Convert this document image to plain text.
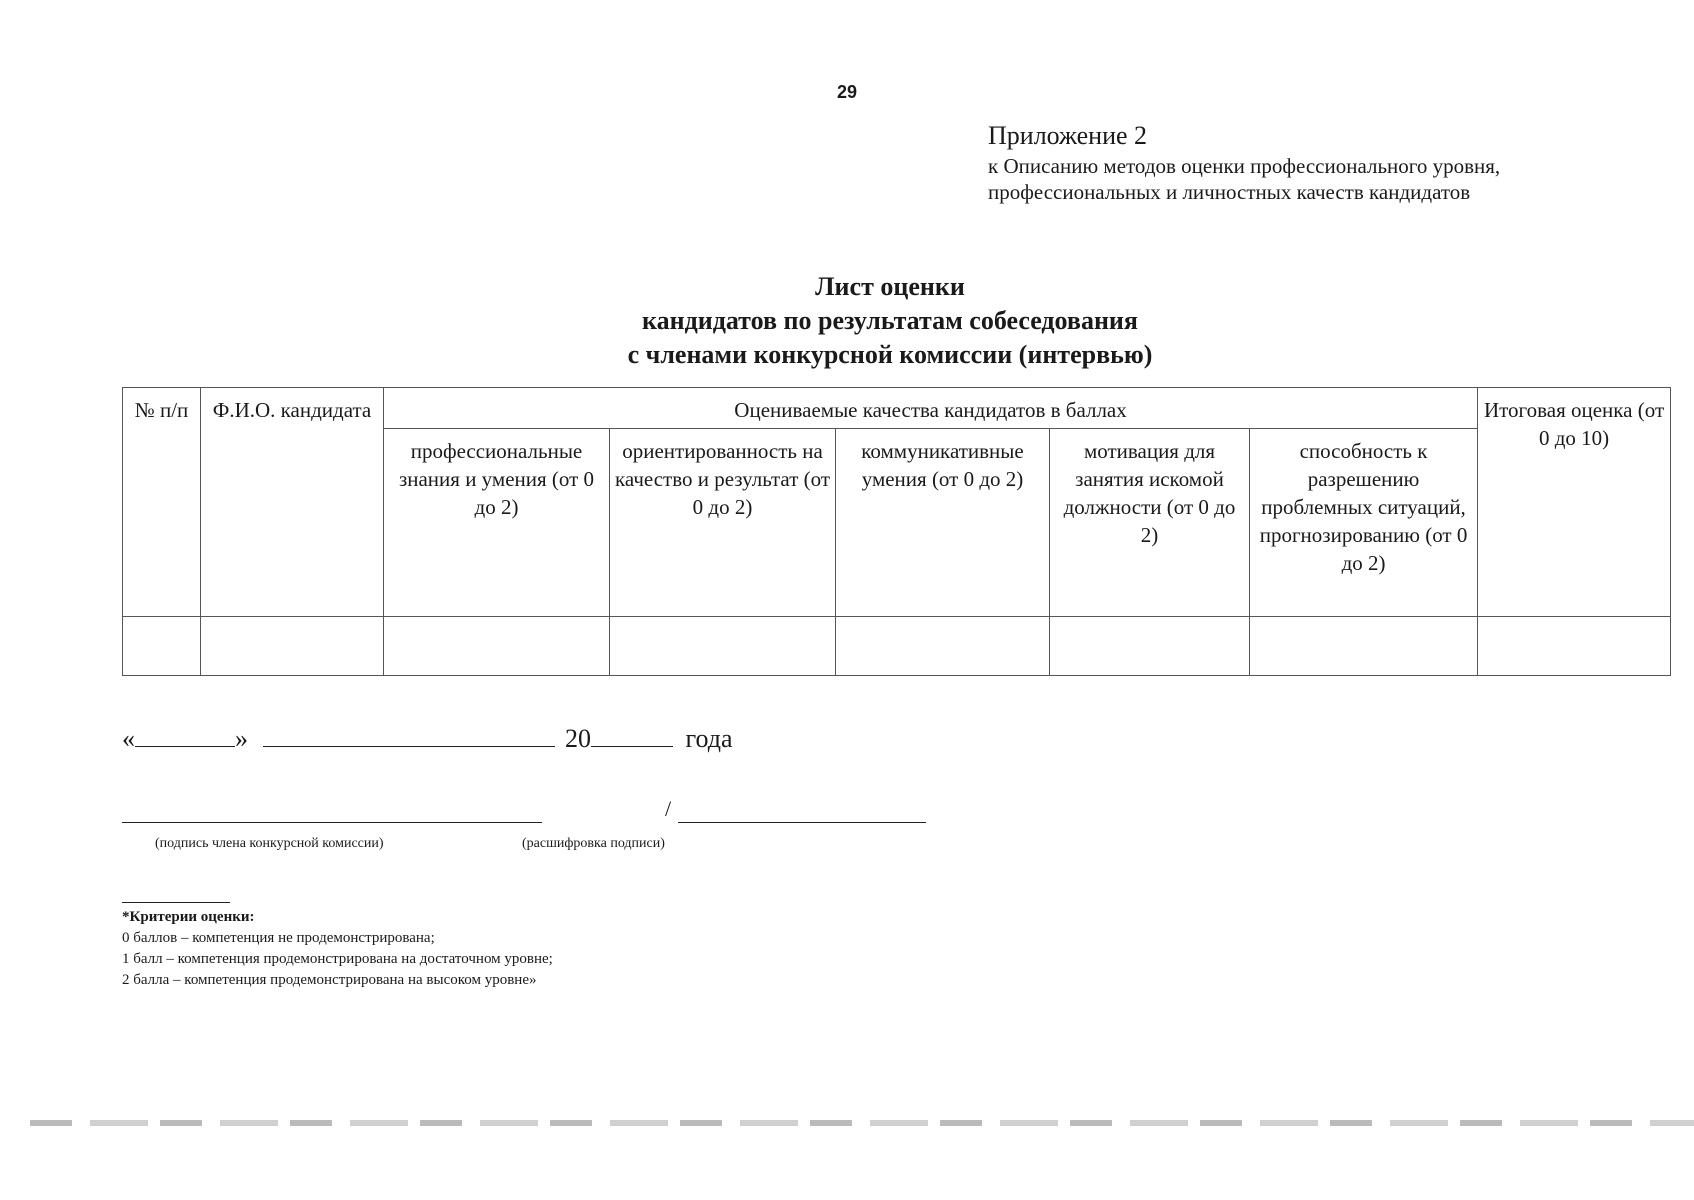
29
Приложение 2
к Описанию методов оценки профессионального уровня,
профессиональных и личностных качеств кандидатов
Лист оценки
кандидатов по результатам собеседования
с членами конкурсной комиссии (интервью)
№ п/п	Ф.И.О. кандидата	Оцениваемые качества кандидатов в баллах					Итоговая оценка (от 0 до 10)
		профессиональные знания и умения (от 0 до 2)	ориентированность на качество и результат (от 0 до 2)	коммуникативные умения (от 0 до 2)	мотивация для занятия искомой должности (от 0 до 2)	способность к разрешению проблемных ситуаций, прогнозированию (от 0 до 2)	

«	»	20	года
/
(подпись члена конкурсной комиссии)	(расшифровка подписи)
*Критерии оценки:
0 баллов – компетенция не продемонстрирована;
1 балл – компетенция продемонстрирована на достаточном уровне;
2 балла – компетенция продемонстрирована на высоком уровне»
